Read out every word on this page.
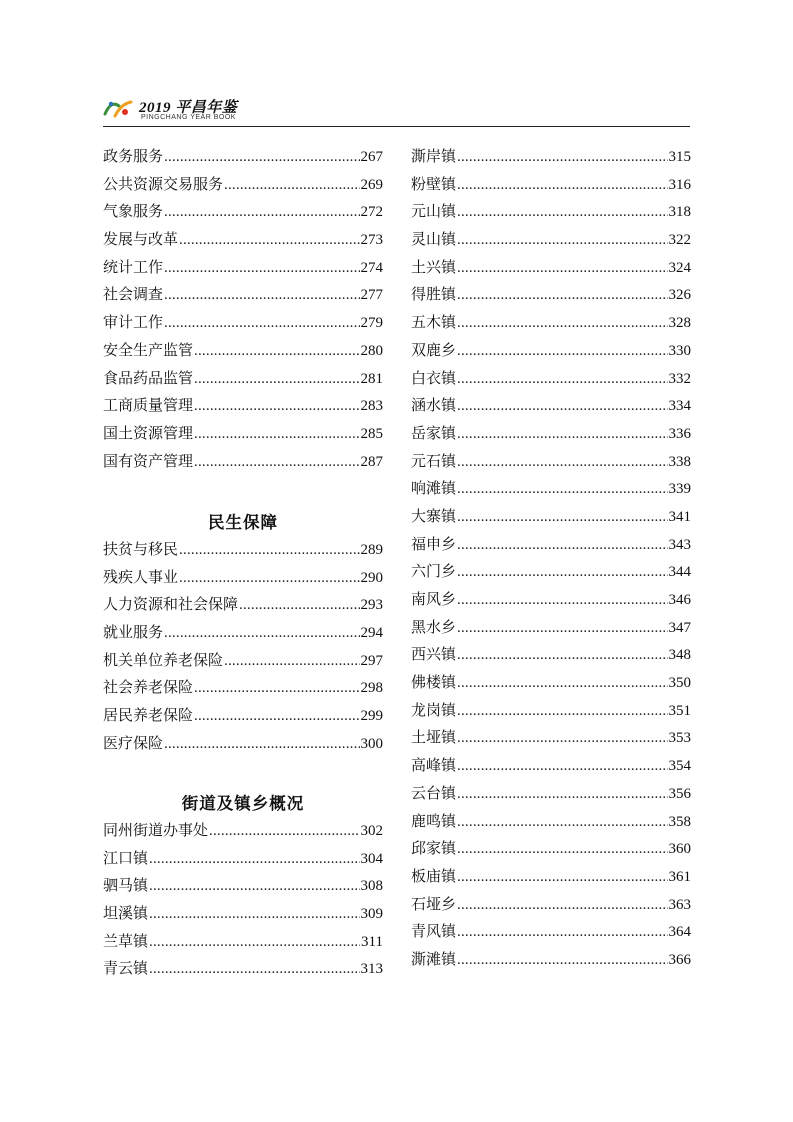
2019 平昌年鉴
PINGCHANG YEAR BOOK
政务服务 .....	267
公共资源交易服务 .....	269
气象服务 .....	272
发展与改革 .....	273
统计工作 .....	274
社会调查 .....	277
审计工作 .....	279
安全生产监管 .....	280
食品药品监管 .....	281
工商质量管理 .....	283
国土资源管理 .....	285
国有资产管理 .....	287
民生保障
扶贫与移民 .....	289
残疾人事业 .....	290
人力资源和社会保障 .....	293
就业服务 .....	294
机关单位养老保险 .....	297
社会养老保险 .....	298
居民养老保险 .....	299
医疗保险 .....	300
街道及镇乡概况
同州街道办事处 .....	302
江口镇 .....	304
驷马镇 .....	308
坦溪镇 .....	309
兰草镇 .....	311
青云镇 .....	313
澌岸镇 .....	315
粉壁镇 .....	316
元山镇 .....	318
灵山镇 .....	322
土兴镇 .....	324
得胜镇 .....	326
五木镇 .....	328
双鹿乡 .....	330
白衣镇 .....	332
涵水镇 .....	334
岳家镇 .....	336
元石镇 .....	338
响滩镇 .....	339
大寨镇 .....	341
福申乡 .....	343
六门乡 .....	344
南风乡 .....	346
黑水乡 .....	347
西兴镇 .....	348
佛楼镇 .....	350
龙岗镇 .....	351
土垭镇 .....	353
高峰镇 .....	354
云台镇 .....	356
鹿鸣镇 .....	358
邱家镇 .....	360
板庙镇 .....	361
石垭乡 .....	363
青风镇 .....	364
澌滩镇 .....	366
